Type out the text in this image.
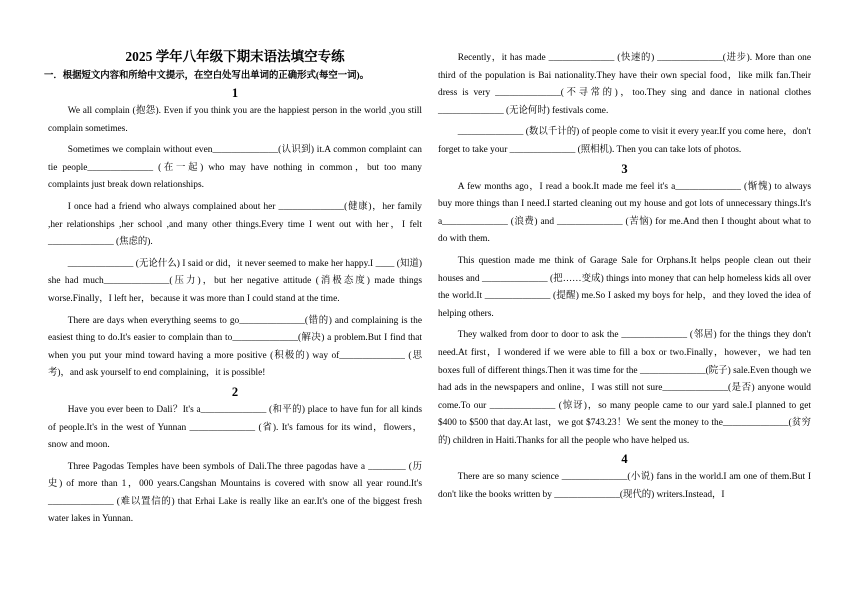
2025 学年八年级下期末语法填空专练
一．根据短文内容和所给中文提示，在空白处写出单词的正确形式(每空一词)。
1

We all complain (抱怨). Even if you think you are the happiest person in the world ,you still complain sometimes.

Sometimes we complain without even______________(认识到) it.A common complaint can tie people______________ (在一起) who may have nothing in common，but too many complaints just break down relationships.

I once had a friend who always complained about her ______________(健康)，her family ,her relationships ,her school ,and many other things.Every time I went out with her，I felt ______________ (焦虑的).

______________ (无论什么) I said or did，it never seemed to make her happy.I ____ (知道) she had much______________(压力)，but her negative attitude (消极态度) made things worse.Finally，I left her，because it was more than I could stand at the time.

There are days when everything seems to go______________(错的) and complaining is the easiest thing to do.It's easier to complain than to______________(解决) a problem.But I find that when you put your mind toward having a more positive (积极的) way of______________ (思考)，and ask yourself to end complaining，it is possible!

2

Have you ever been to Dali？It's a______________ (和平的) place to have fun for all kinds of people.It's in the west of Yunnan ______________ (省). It's famous for its wind，flowers，snow and moon.

Three Pagodas Temples have been symbols of Dali.The three pagodas have a ________ (历史) of more than 1，000 years.Cangshan Mountains is covered with snow all year round.It's ______________ (难以置信的) that Erhai Lake is really like an ear.It's one of the biggest fresh water lakes in Yunnan.

Recently，it has made ______________ (快速的) ______________(进步). More than one third of the population is Bai nationality.They have their own special food，like milk fan.Their dress is very ______________(不寻常的)，too.They sing and dance in national clothes ______________ (无论何时) festivals come.

______________ (数以千计的) of people come to visit it every year.If you come here，don't forget to take your ______________ (照相机). Then you can take lots of photos.

3

A few months ago，I read a book.It made me feel it's a______________ (惭愧) to always buy more things than I need.I started cleaning out my house and got lots of unnecessary things.It's a______________ (浪费) and ______________ (苦恼) for me.And then I thought about what to do with them.

This question made me think of Garage Sale for Orphans.It helps people clean out their houses and ______________ (把……变成) things into money that can help homeless kids all over the world.It ______________ (提醒) me.So I asked my boys for help，and they loved the idea of helping others.

They walked from door to door to ask the ______________ (邻居) for the things they don't need.At first，I wondered if we were able to fill a box or two.Finally，however，we had ten boxes full of different things.Then it was time for the ______________(院子) sale.Even though we had ads in the newspapers and online，I was still not sure______________(是否) anyone would come.To our ______________ (惊讶)，so many people came to our yard sale.I planned to get $400 to $500 that day.At last，we got $743.23！We sent the money to the______________(贫穷的) children in Haiti.Thanks for all the people who have helped us.

4

There are so many science ______________(小说) fans in the world.I am one of them.But I don't like the books written by ______________(现代的) writers.Instead，I
